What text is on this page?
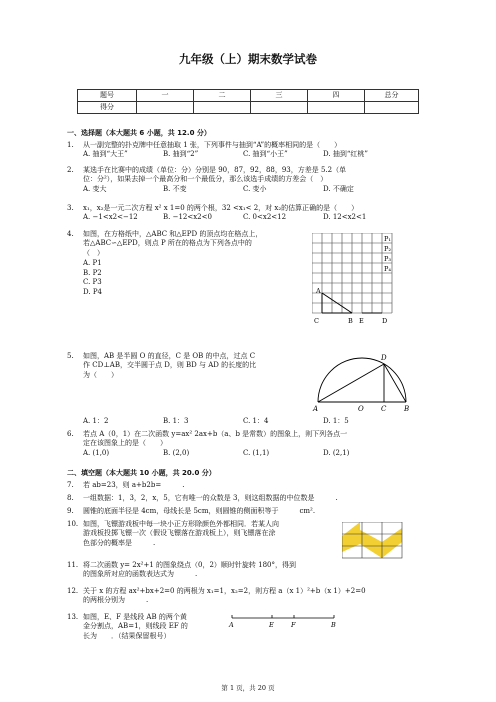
九年级（上）期末数学试卷
题号	一	二	三	四	总分
得分					
一、选择题（本大题共 6 小题，共 12.0 分）
1. 从一副完整的扑克牌中任意抽取 1 张，下列事件与抽到“A”的概率相同的是（　　）
A. 抽到“大王”	B. 抽到“2”	C. 抽到“小王”	D. 抽到“红桃”
2. 某选手在比赛中的成绩（单位：分）分别是 90，87，92，88，93，方差是 5.2（单
位：分²），如果去掉一个最高分和一个最低分，那么该选手成绩的方差会（　）
A. 变大	B. 不变	C. 变小	D. 不确定
3. x₁，x₂是一元二次方程 x² x 1=0 的两个根，32 <x₁< 2，对 x₂的估算正确的是（　　）
A. −1<x2<−12	B. −12<x2<0	C. 0<x2<12	D. 12<x2<1
4. 如图，在方格纸中，△ABC 和△EPD 的顶点均在格点上，
若△ABC∽△EPD，则点 P 所在的格点为下列各点中的
（　）
A. P1
B. P2
C. P3
D. P4
P₁
P₂
P₃
P₄
A
C	B E	D
5. 如图，AB 是半圆 O 的直径，C 是 OB 的中点，过点 C
作 CD⊥AB，交半圆于点 D，则 BD 与 AD 的长度的比
为（　　）
A. 1：2	B. 1：3	C. 1：4	D. 1：5
D
A	O C	B
6. 若点 A（0，1）在二次函数 y=ax² 2ax+b（a、b 是常数）的图象上，则下列各点一
定在该图象上的是（　　）
A. (1,0)	B. (2,0)	C. (1,1)	D. (2,1)
二、填空题（本大题共 10 小题，共 20.0 分）
7. 若 ab=23，则 a+b2b=　　　.
8. 一组数据：1，3，2，x，5，它有唯一的众数是 3，则这组数据的中位数是　　　.
9. 圆锥的底面半径是 4cm，母线长是 5cm，则圆锥的侧面积等于　　　cm².
10. 如图，飞镖游戏板中每一块小正方形除颜色外都相同．若某人向
游戏板投掷飞镖一次（假设飞镖落在游戏板上），则飞镖落在涂
色部分的概率是　　　.
11. 将二次函数 y= 2x²+1 的图象绕点（0，2）顺时针旋转 180°，得到
的图象所对应的函数表达式为　　　.
12. 关于 x 的方程 ax²+bx+2=0 的两根为 x₁=1，x₂=2，则方程 a（x 1）²+b（x 1）+2=0
的两根分别为　　　.
13. 如图，E、F 是线段 AB 的两个黄
金分割点，AB=1，则线段 EF 的
长为　　．（结果保留根号）
A	E	F	B
第 1 页，共 20 页
